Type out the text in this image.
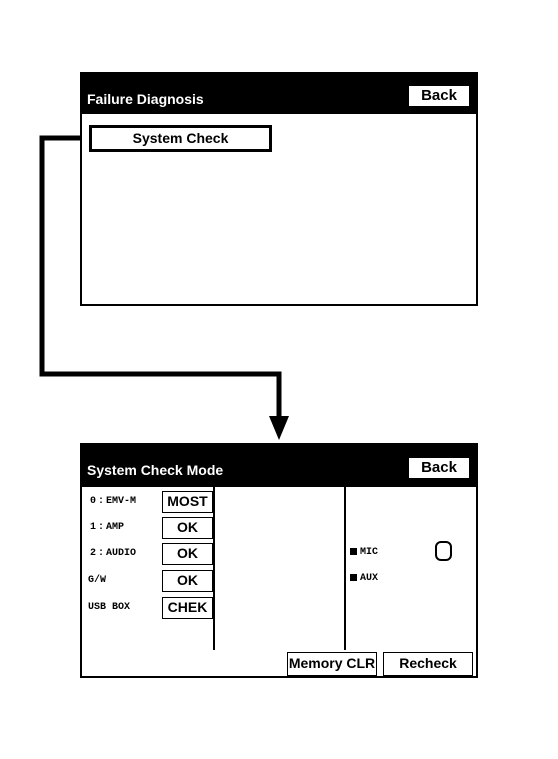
Failure Diagnosis	Back
System Check
System Check Mode	Back
0 : EMV-M	MOST
1 : AMP	OK
2 : AUDIO	OK
G/W	OK
USB BOX	CHEK
MIC
AUX
Memory CLR	Recheck
